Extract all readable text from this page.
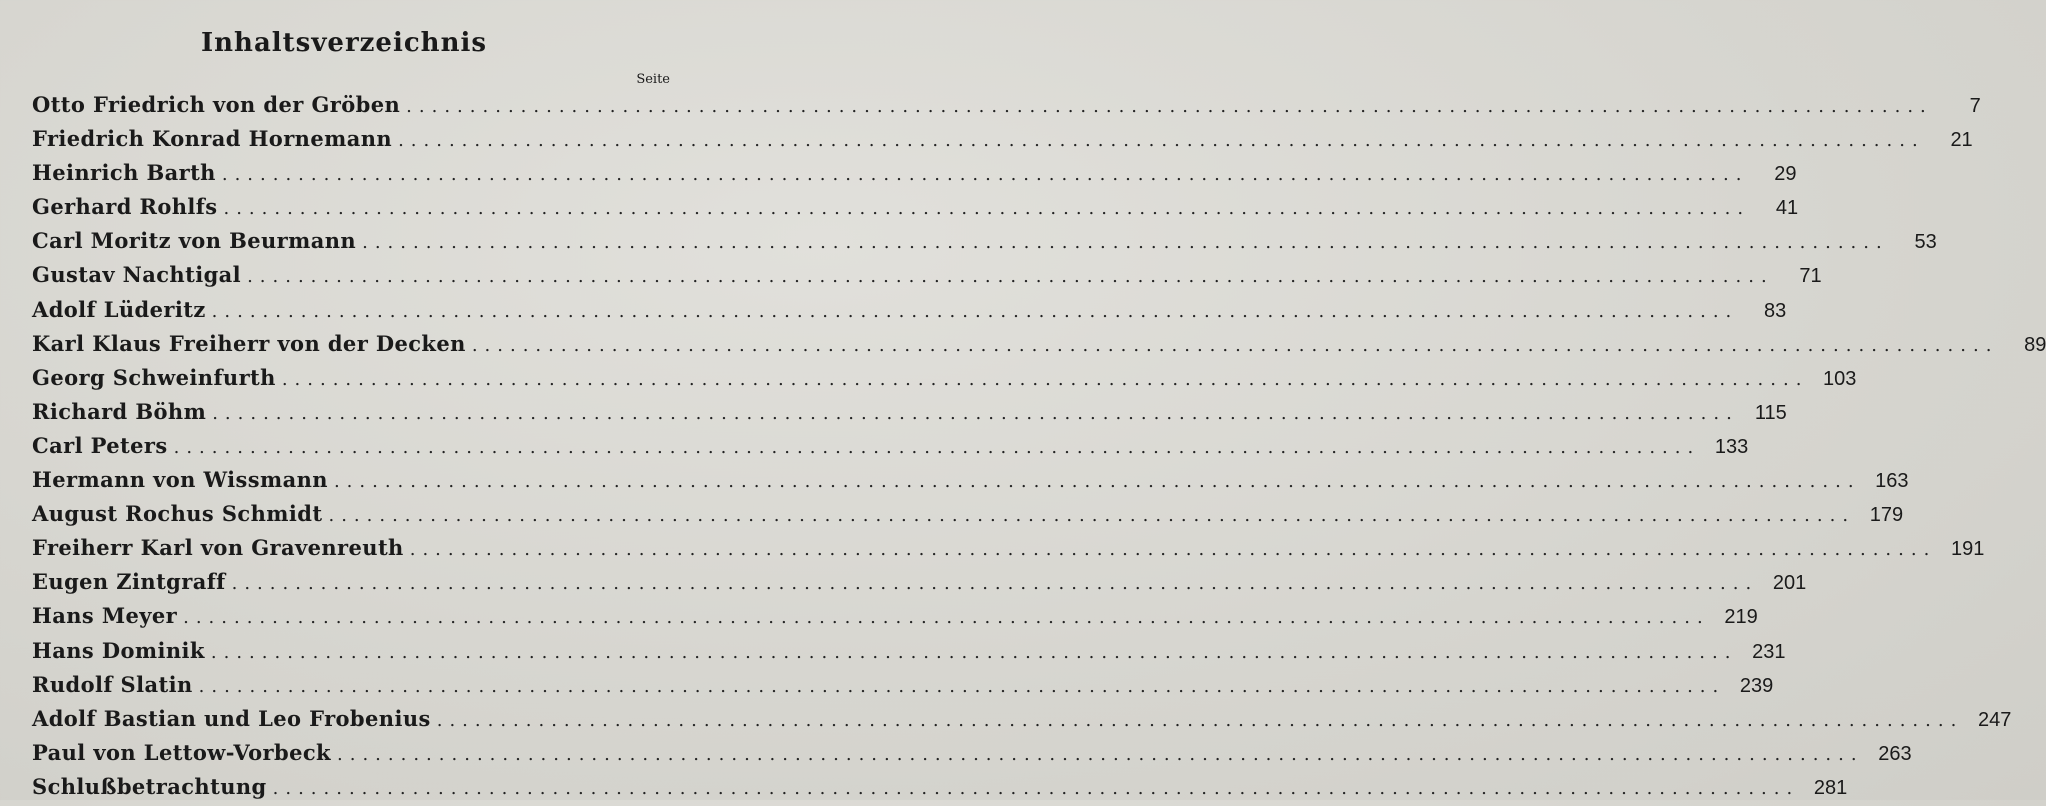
Inhaltsverzeichnis
Seite
Otto Friedrich von der Gröben ........................................................................................................................	7
Friedrich Konrad Hornemann ........................................................................................................................	21
Heinrich Barth ........................................................................................................................	29
Gerhard Rohlfs ........................................................................................................................	41
Carl Moritz von Beurmann ........................................................................................................................	53
Gustav Nachtigal ........................................................................................................................	71
Adolf Lüderitz ........................................................................................................................	83
Karl Klaus Freiherr von der Decken ........................................................................................................................	89
Georg Schweinfurth ........................................................................................................................ 103
Richard Böhm ........................................................................................................................ 115
Carl Peters ........................................................................................................................ 133
Hermann von Wissmann ........................................................................................................................ 163
August Rochus Schmidt ........................................................................................................................ 179
Freiherr Karl von Gravenreuth ........................................................................................................................ 191
Eugen Zintgraff ........................................................................................................................ 201
Hans Meyer ........................................................................................................................ 219
Hans Dominik ........................................................................................................................ 231
Rudolf Slatin ........................................................................................................................ 239
Adolf Bastian und Leo Frobenius ........................................................................................................................ 247
Paul von Lettow-Vorbeck ........................................................................................................................ 263
Schlußbetrachtung ........................................................................................................................ 281
